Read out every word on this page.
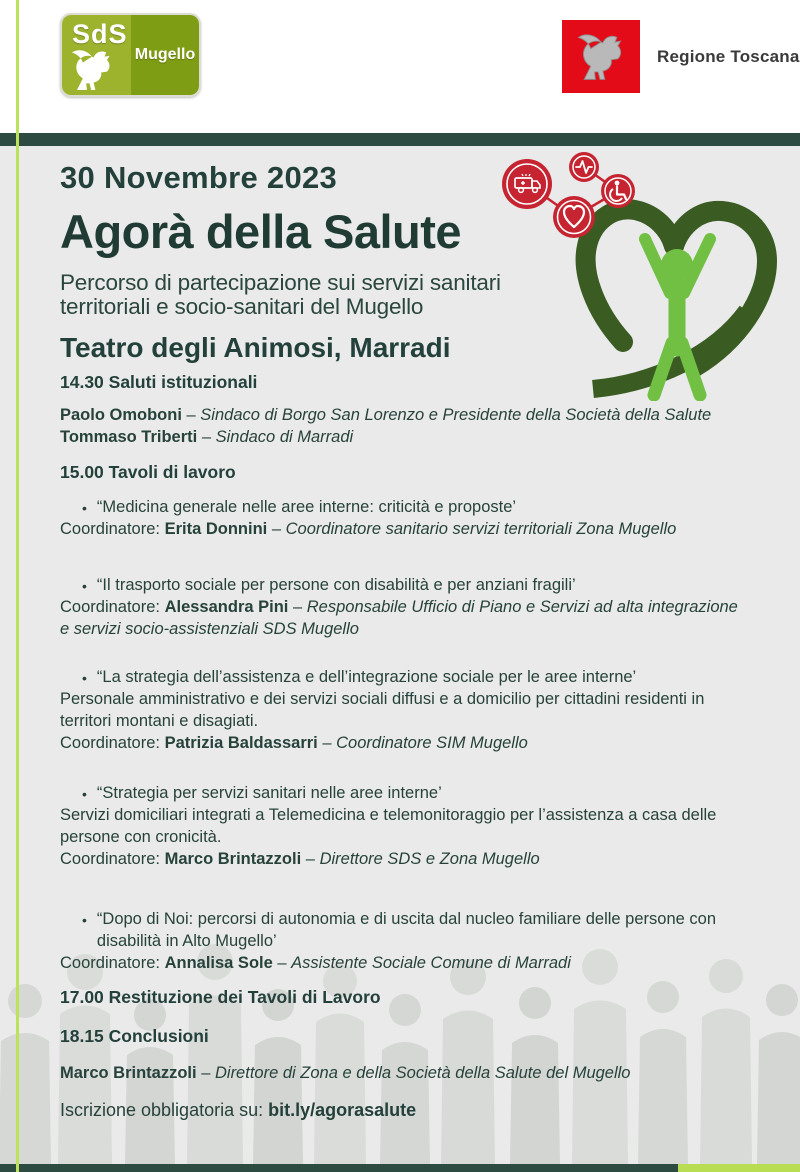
SdS
Mugello	Regione Toscana
30 Novembre 2023
Agorà della Salute
Percorso di partecipazione sui servizi sanitari territoriali e socio-sanitari del Mugello
Teatro degli Animosi, Marradi
14.30 Saluti istituzionali

Paolo Omoboni – Sindaco di Borgo San Lorenzo e Presidente della Società della Salute

Tommaso Triberti – Sindaco di Marradi

15.00 Tavoli di lavoro

• “Medicina generale nelle aree interne: criticità e proposte’

Coordinatore: Erita Donnini – Coordinatore sanitario servizi territoriali Zona Mugello

• “Il trasporto sociale per persone con disabilità e per anziani fragili’

Coordinatore: Alessandra Pini – Responsabile Ufficio di Piano e Servizi ad alta integrazione e servizi socio-assistenziali SDS Mugello

• “La strategia dell’assistenza e dell’integrazione sociale per le aree interne’

Personale amministrativo e dei servizi sociali diffusi e a domicilio per cittadini residenti in territori montani e disagiati.

Coordinatore: Patrizia Baldassarri – Coordinatore SIM Mugello

• “Strategia per servizi sanitari nelle aree interne’

Servizi domiciliari integrati a Telemedicina e telemonitoraggio per l’assistenza a casa delle persone con cronicità.

Coordinatore: Marco Brintazzoli – Direttore SDS e Zona Mugello

• “Dopo di Noi: percorsi di autonomia e di uscita dal nucleo familiare delle persone con disabilità in Alto Mugello’

Coordinatore: Annalisa Sole – Assistente Sociale Comune di Marradi

17.00 Restituzione dei Tavoli di Lavoro
18.15 Conclusioni

Marco Brintazzoli – Direttore di Zona e della Società della Salute del Mugello

Iscrizione obbligatoria su: bit.ly/agorasalute
